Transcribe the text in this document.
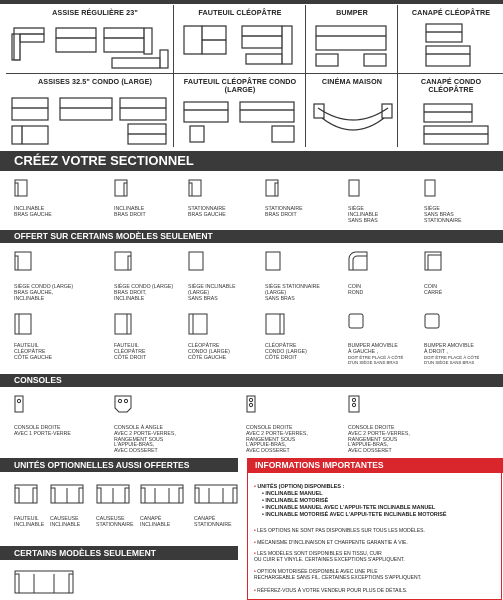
ASSISE RÉGULIÈRE 23"	FAUTEUIL CLÉOPÂTRE	BUMPER	CANAPÉ CLÉOPÂTRE
ASSISES 32.5" CONDO (LARGE)	FAUTEUIL CLÉOPÂTRE CONDO (LARGE)
CINÉMA MAISON	CANAPÉ CONDO CLÉOPÂTRE
CRÉEZ VOTRE SECTIONNEL
INCLINABLE
BRAS GAUCHE
INCLINABLE
BRAS DROIT
STATIONNAIRE
BRAS GAUCHE
STATIONNAIRE
BRAS DROIT
SIÈGE
INCLINABLE
SANS BRAS
SIÈGE
SANS BRAS
STATIONNAIRE
OFFERT SUR CERTAINS MODÈLES SEULEMENT
SIÈGE CONDO (LARGE)
BRAS GAUCHE,
INCLINABLE
SIÈGE CONDO (LARGE)
BRAS DROIT,
INCLINABLE
SIÈGE INCLINABLE
(LARGE)
SANS BRAS
SIÈGE STATIONNAIRE
(LARGE)
SANS BRAS
COIN
ROND
COIN
CARRÉ
FAUTEUIL
CLÉOPÂTRE
CÔTÉ GAUCHE
FAUTEUIL
CLÉOPÂTRE
CÔTÉ DROIT
CLÉOPÂTRE
CONDO (LARGE)
CÔTÉ GAUCHE
CLÉOPÂTRE
CONDO (LARGE)
CÔTÉ DROIT
BUMPER AMOVIBLE
À GAUCHE ,
DOIT ÊTRE PLACÉ À CÔTÉ
D'UN SIÈGE SANS BRAS
BUMPER AMOVIBLE
À DROIT ,
DOIT ÊTRE PLACÉ À CÔTÉ
D'UN SIÈGE SANS BRAS
CONSOLES
CONSOLE DROITE
AVEC 1 PORTE-VERRE
CONSOLE À ANGLE
AVEC 2 PORTE-VERRES,
RANGEMENT SOUS
L'APPUIE-BRAS,
AVEC DOSSERET
CONSOLE DROITE
AVEC 2 PORTE-VERRES,
RANGEMENT SOUS
L'APPUIE-BRAS,
AVEC DOSSERET
CONSOLE DROITE
AVEC 2 PORTE-VERRES,
RANGEMENT SOUS
L'APPUIE-BRAS,
AVEC DOSSERET
UNITÉS OPTIONNELLES AUSSI OFFERTES
FAUTEUIL
INCLINABLE
CAUSEUSE
INCLINABLE
CAUSEUSE
STATIONNAIRE
CANAPÉ
INCLINABLE
CANAPÉ
STATIONNAIRE
CERTAINS MODÈLES SEULEMENT
INFORMATIONS IMPORTANTES
• UNITÉS (OPTION) DISPONIBLES :
• INCLINABLE MANUEL
• INCLINABLE MOTORISÉ
• INCLINABLE MANUEL AVEC L'APPUI-TETE INCLINABLE MANUEL
• INCLINABLE MOTORISÉ AVEC L'APPUI-TETE INCLINABLE MOTORISÉ
• LES OPTIONS NE SONT PAS DISPONIBLES SUR TOUS LES MODÈLES.
• MÉCANISME D'INCLINAISON ET CHARPENTE GARANTIE À VIE.
• LES MODÈLES SONT DISPONIBLES EN TISSU, CUIR
OU CUIR ET VINYLE. CERTAINES EXCEPTIONS S'APPLIQUENT.
• OPTION MOTORISÉE DISPONIBLE AVEC UNE PILE
RECHARGEABLE SANS FIL. CERTAINES EXCEPTIONS S'APPLIQUENT.
• RÉFÉREZ-VOUS À VOTRE VENDEUR POUR PLUS DE DÉTAILS.
